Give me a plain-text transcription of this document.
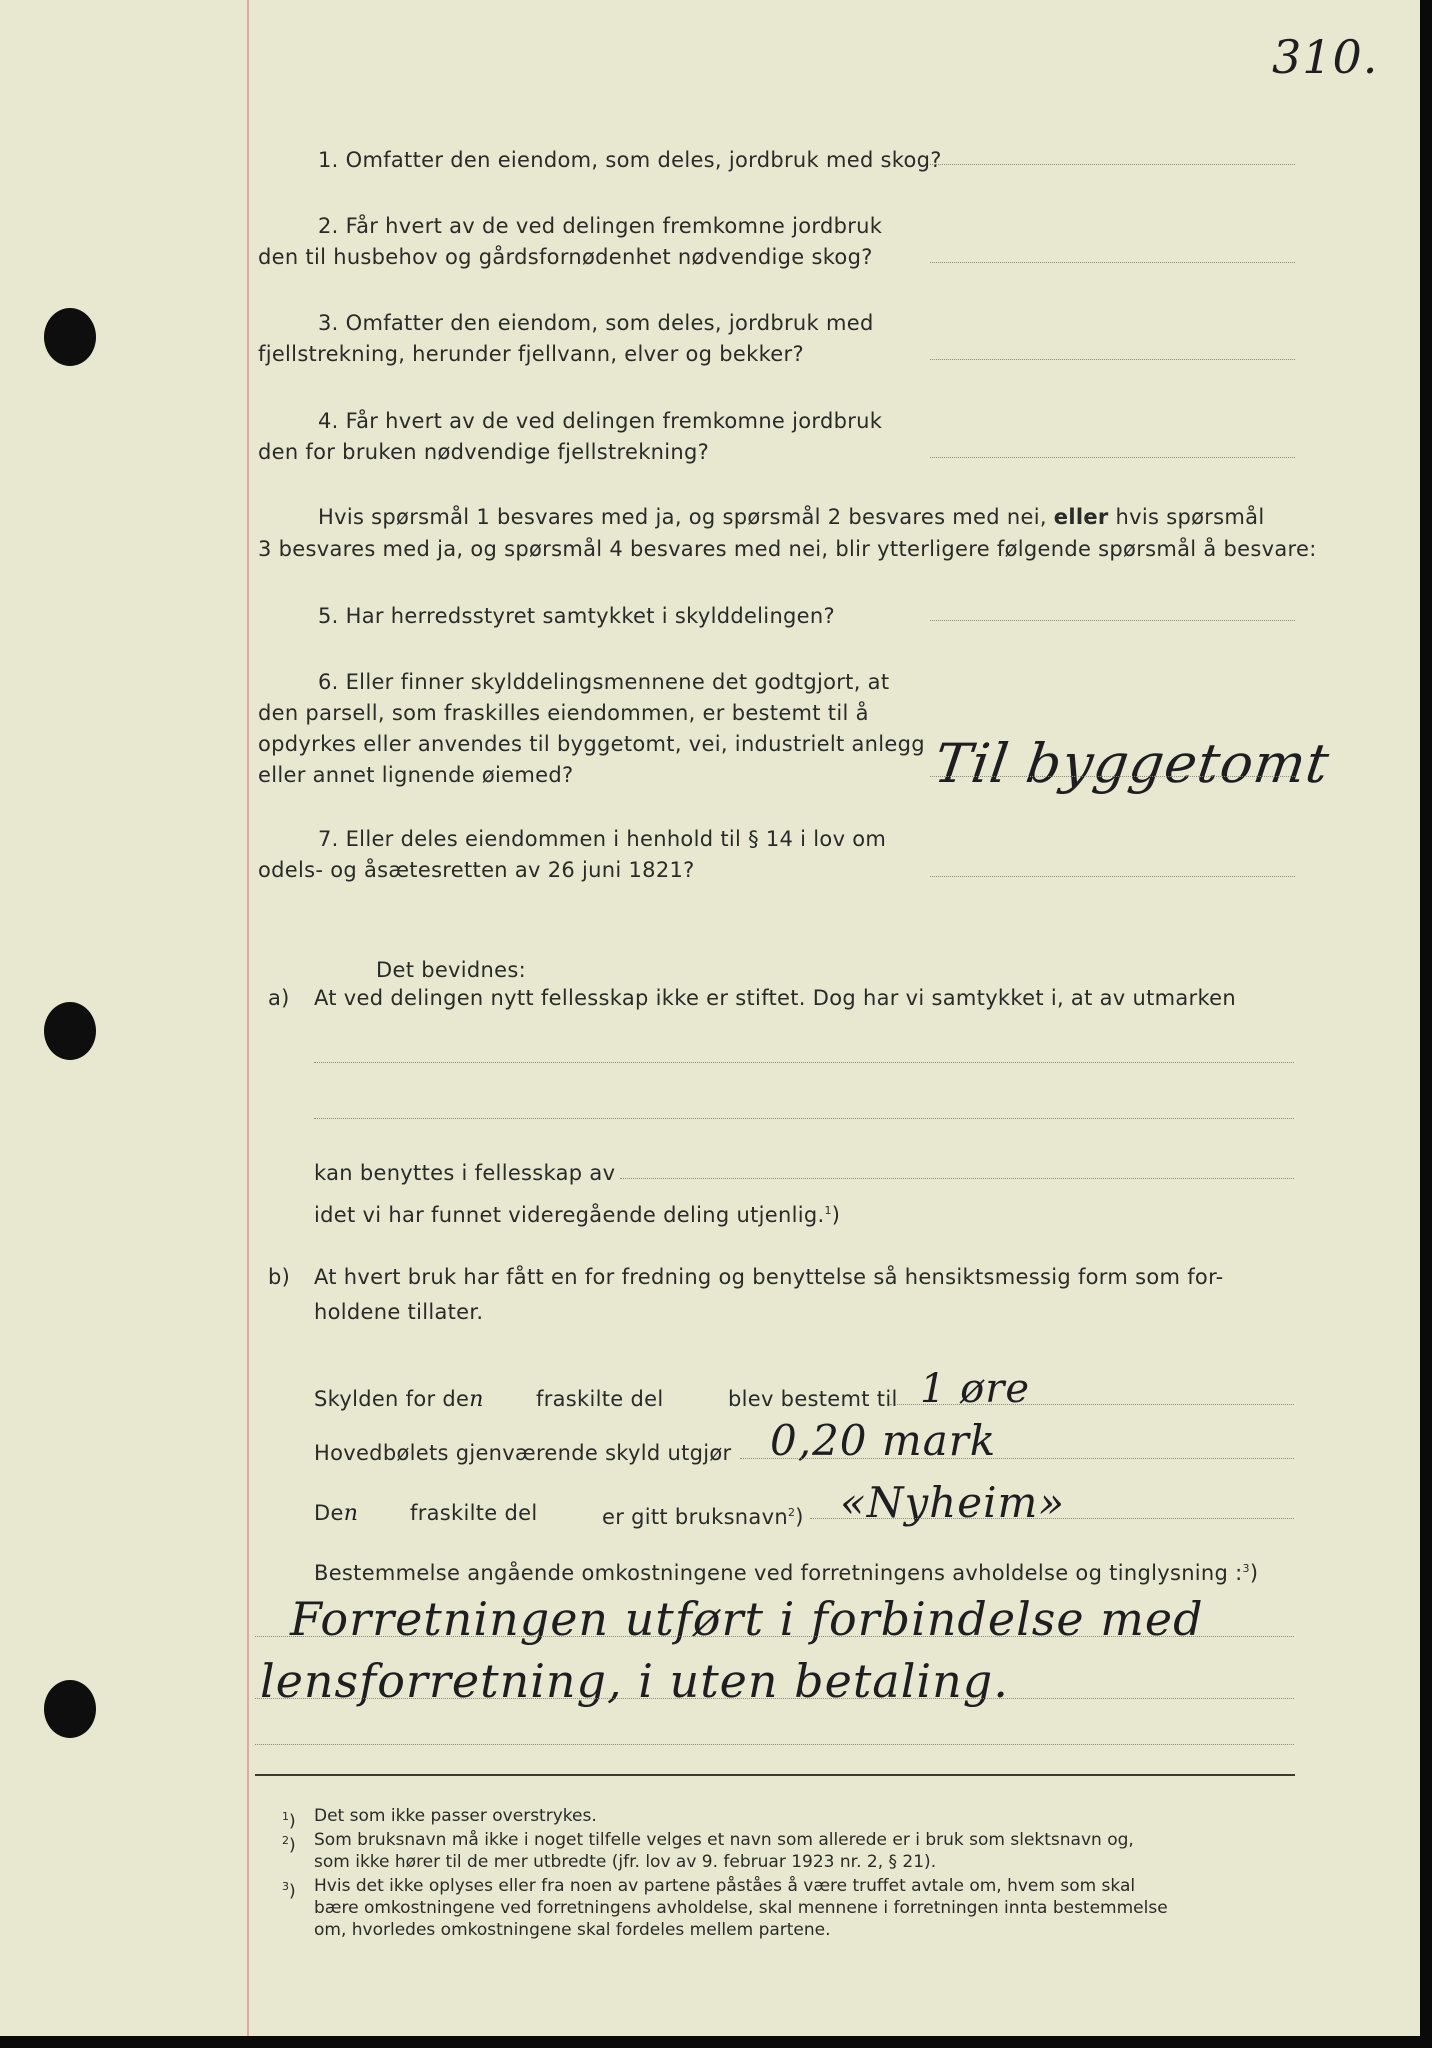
310.
1. Omfatter den eiendom, som deles, jordbruk med skog?
2. Får hvert av de ved delingen fremkomne jordbruk
den til husbehov og gårdsfornødenhet nødvendige skog?
3. Omfatter den eiendom, som deles, jordbruk med
fjellstrekning, herunder fjellvann, elver og bekker?
4. Får hvert av de ved delingen fremkomne jordbruk
den for bruken nødvendige fjellstrekning?
Hvis spørsmål 1 besvares med ja, og spørsmål 2 besvares med nei, eller hvis spørsmål
3 besvares med ja, og spørsmål 4 besvares med nei, blir ytterligere følgende spørsmål å besvare:
5. Har herredsstyret samtykket i skylddelingen?
6. Eller finner skylddelingsmennene det godtgjort, at
den parsell, som fraskilles eiendommen, er bestemt til å
opdyrkes eller anvendes til byggetomt, vei, industrielt anlegg
eller annet lignende øiemed?	Til byggetomt
7. Eller deles eiendommen i henhold til § 14 i lov om
odels- og åsætesretten av 26 juni 1821?
Det bevidnes:
a) At ved delingen nytt fellesskap ikke er stiftet. Dog har vi samtykket i, at av utmarken
kan benyttes i fellesskap av
idet vi har funnet videregående deling utjenlig.$^1$)
b) At hvert bruk har fått en for fredning og benyttelse så hensiktsmessig form som for-
holdene tillater.
Skylden for den fraskilte del	blev bestemt til 1 øre
Hovedbølets gjenværende skyld utgjør 0,20 mark
Den fraskilte del	er gitt bruksnavn$^2$) «Nyheim»
Bestemmelse angående omkostningene ved forretningens avholdelse og tinglysning :$^3$)
Forretningen utført i forbindelse med
lensforretning, i uten betaling.
$^1$) Det som ikke passer overstrykes.
$^2$) Som bruksnavn må ikke i noget tilfelle velges et navn som allerede er i bruk som slektsnavn og,
som ikke hører til de mer utbredte (jfr. lov av 9. februar 1923 nr. 2, § 21).
$^3$) Hvis det ikke oplyses eller fra noen av partene påståes å være truffet avtale om, hvem som skal
bære omkostningene ved forretningens avholdelse, skal mennene i forretningen innta bestemmelse
om, hvorledes omkostningene skal fordeles mellem partene.
